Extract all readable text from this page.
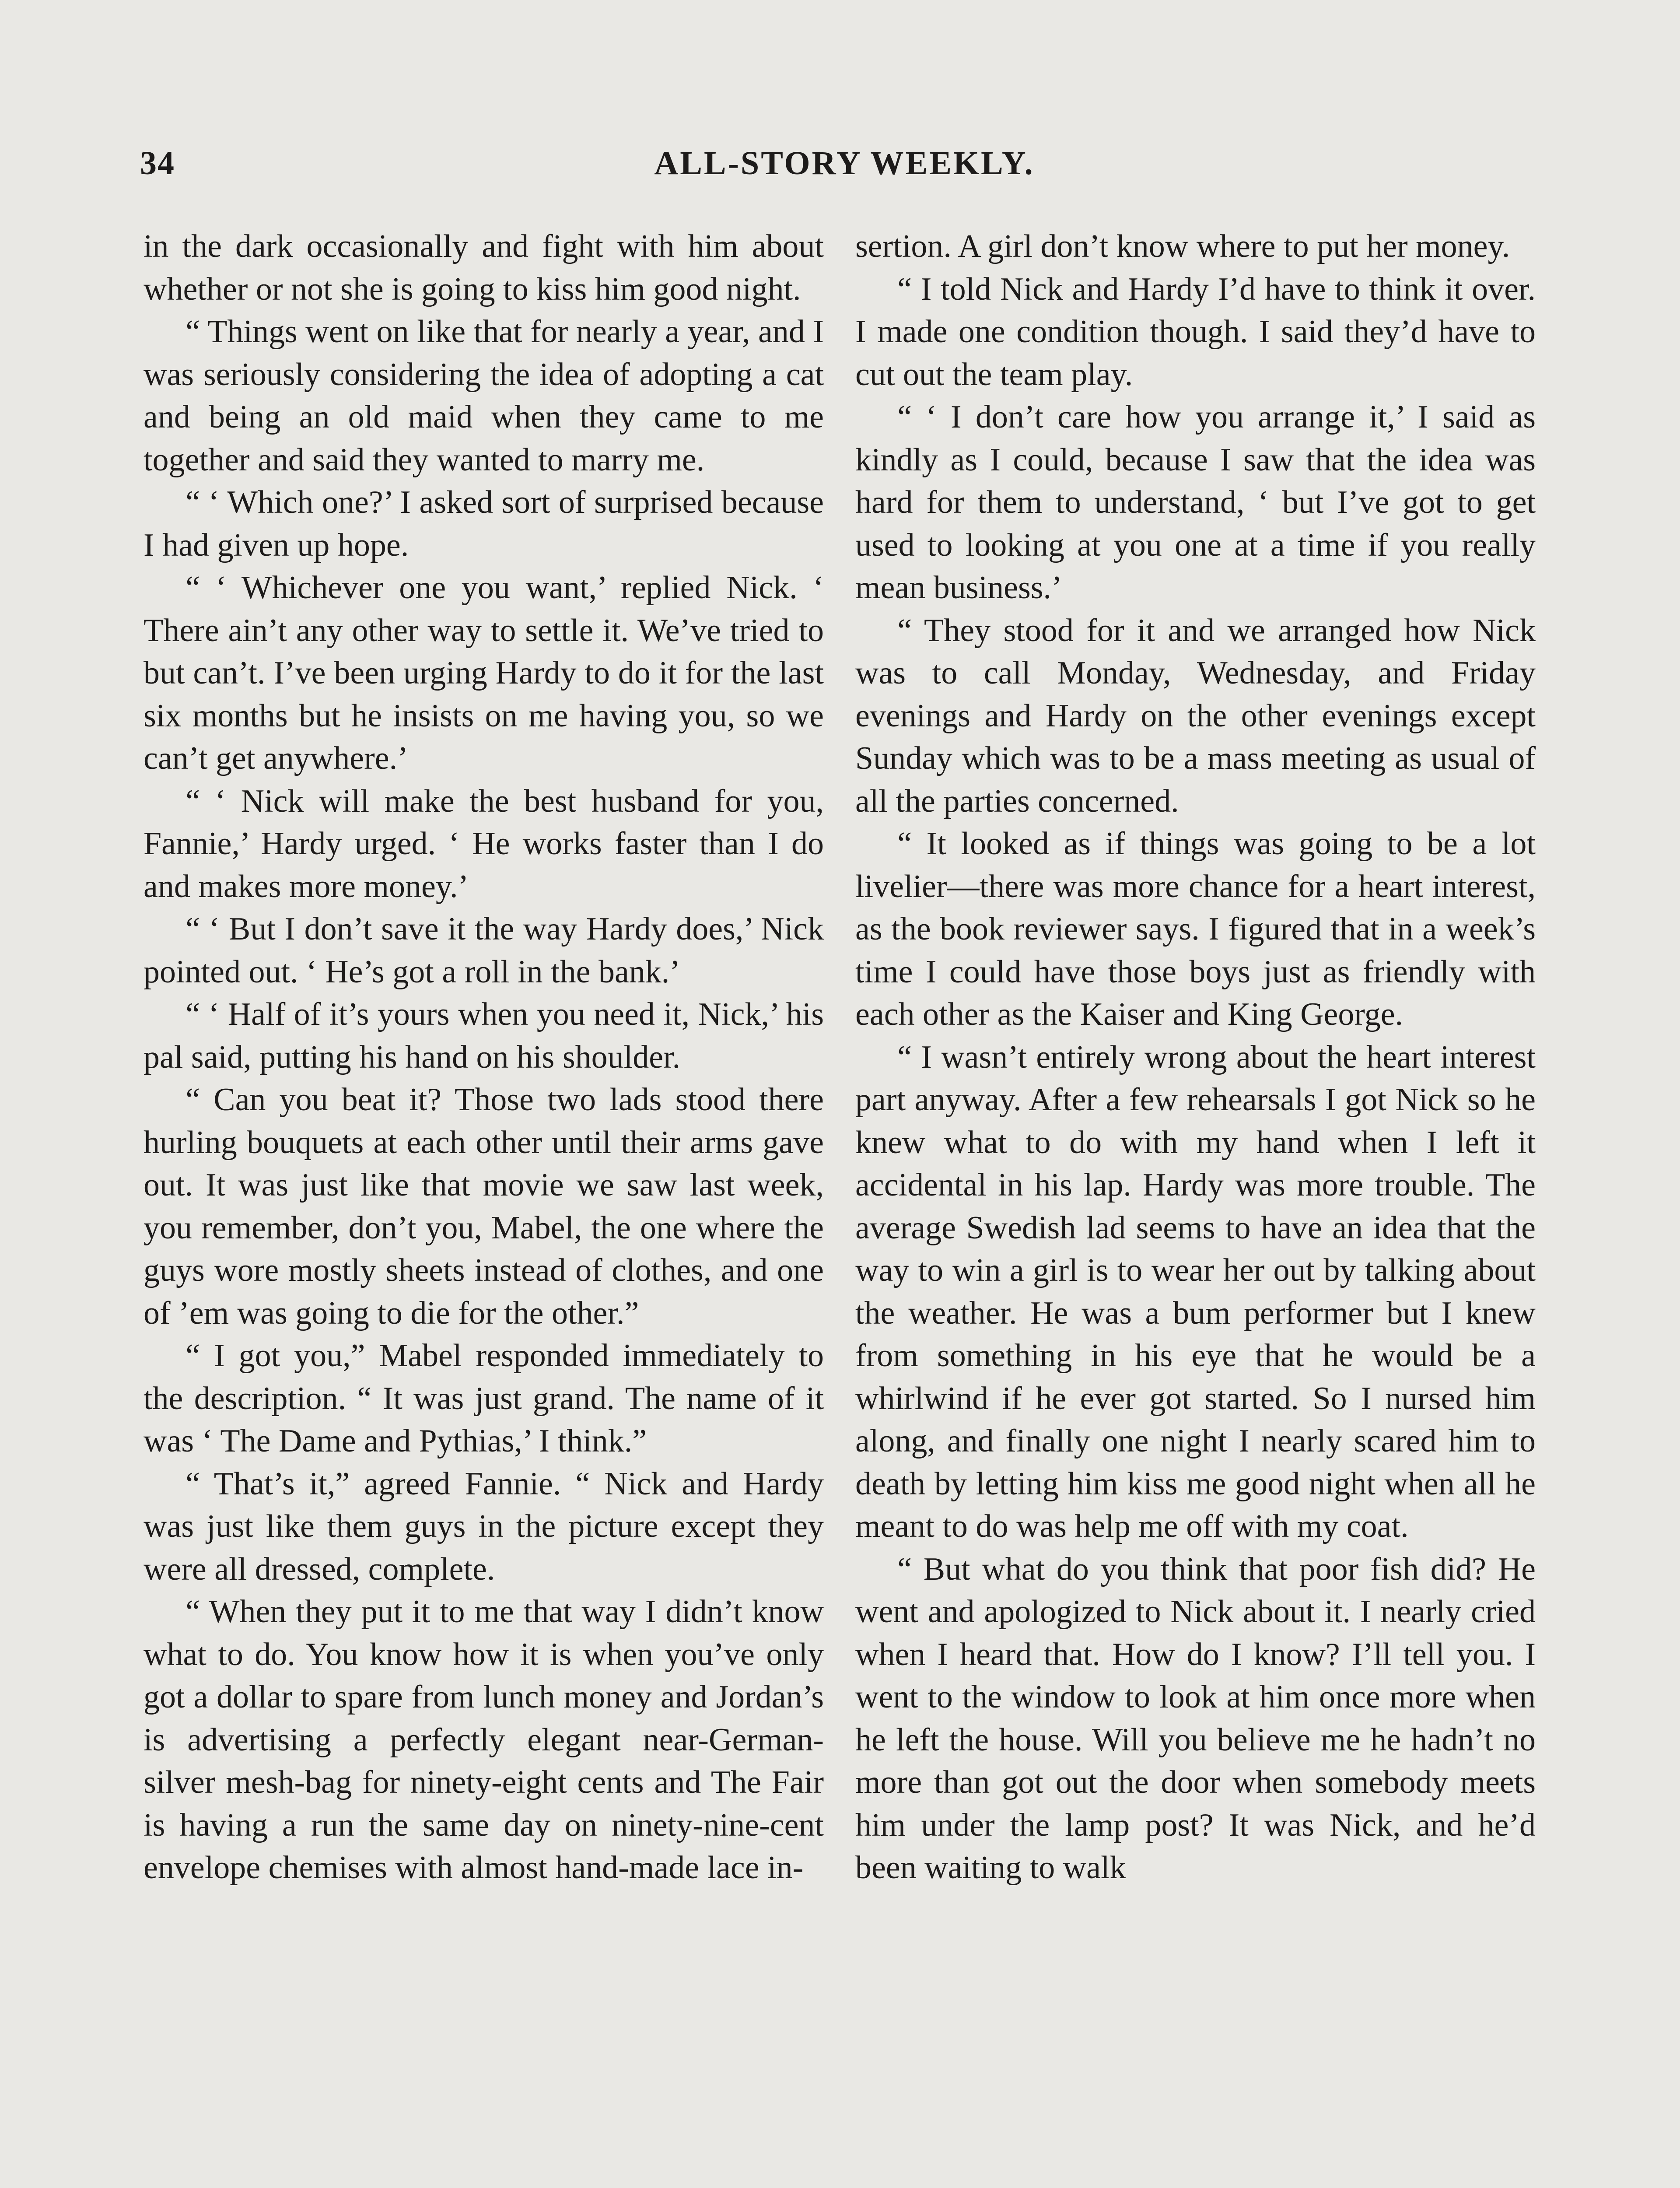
34	ALL-STORY WEEKLY.

in the dark occasionally and fight with him about whether or not she is going to kiss him good night.

“ Things went on like that for nearly a year, and I was seriously considering the idea of adopting a cat and being an old maid when they came to me together and said they wanted to marry me.

“ ‘ Which one?’ I asked sort of surprised because I had given up hope.

“ ‘ Whichever one you want,’ replied Nick. ‘ There ain’t any other way to settle it. We’ve tried to but can’t. I’ve been urging Hardy to do it for the last six months but he insists on me having you, so we can’t get anywhere.’

“ ‘ Nick will make the best husband for you, Fannie,’ Hardy urged. ‘ He works faster than I do and makes more money.’

“ ‘ But I don’t save it the way Hardy does,’ Nick pointed out. ‘ He’s got a roll in the bank.’

“ ‘ Half of it’s yours when you need it, Nick,’ his pal said, putting his hand on his shoulder.

“ Can you beat it? Those two lads stood there hurling bouquets at each other until their arms gave out. It was just like that movie we saw last week, you remember, don’t you, Mabel, the one where the guys wore mostly sheets instead of clothes, and one of ’em was going to die for the other.”

“ I got you,” Mabel responded immediately to the description. “ It was just grand. The name of it was ‘ The Dame and Pythias,’ I think.”

“ That’s it,” agreed Fannie. “ Nick and Hardy was just like them guys in the picture except they were all dressed, complete.

“ When they put it to me that way I didn’t know what to do. You know how it is when you’ve only got a dollar to spare from lunch money and Jordan’s is advertising a perfectly elegant near-German-silver mesh-bag for ninety-eight cents and The Fair is having a run the same day on ninety-nine-cent envelope chemises with almost hand-made lace in-

sertion. A girl don’t know where to put her money.

“ I told Nick and Hardy I’d have to think it over. I made one condition though. I said they’d have to cut out the team play.

“ ‘ I don’t care how you arrange it,’ I said as kindly as I could, because I saw that the idea was hard for them to understand, ‘ but I’ve got to get used to looking at you one at a time if you really mean business.’

“ They stood for it and we arranged how Nick was to call Monday, Wednesday, and Friday evenings and Hardy on the other evenings except Sunday which was to be a mass meeting as usual of all the parties concerned.

“ It looked as if things was going to be a lot livelier—there was more chance for a heart interest, as the book reviewer says. I figured that in a week’s time I could have those boys just as friendly with each other as the Kaiser and King George.

“ I wasn’t entirely wrong about the heart interest part anyway. After a few rehearsals I got Nick so he knew what to do with my hand when I left it accidental in his lap. Hardy was more trouble. The average Swedish lad seems to have an idea that the way to win a girl is to wear her out by talking about the weather. He was a bum performer but I knew from something in his eye that he would be a whirlwind if he ever got started. So I nursed him along, and finally one night I nearly scared him to death by letting him kiss me good night when all he meant to do was help me off with my coat.

“ But what do you think that poor fish did? He went and apologized to Nick about it. I nearly cried when I heard that. How do I know? I’ll tell you. I went to the window to look at him once more when he left the house. Will you believe me he hadn’t no more than got out the door when somebody meets him under the lamp post? It was Nick, and he’d been waiting to walk
